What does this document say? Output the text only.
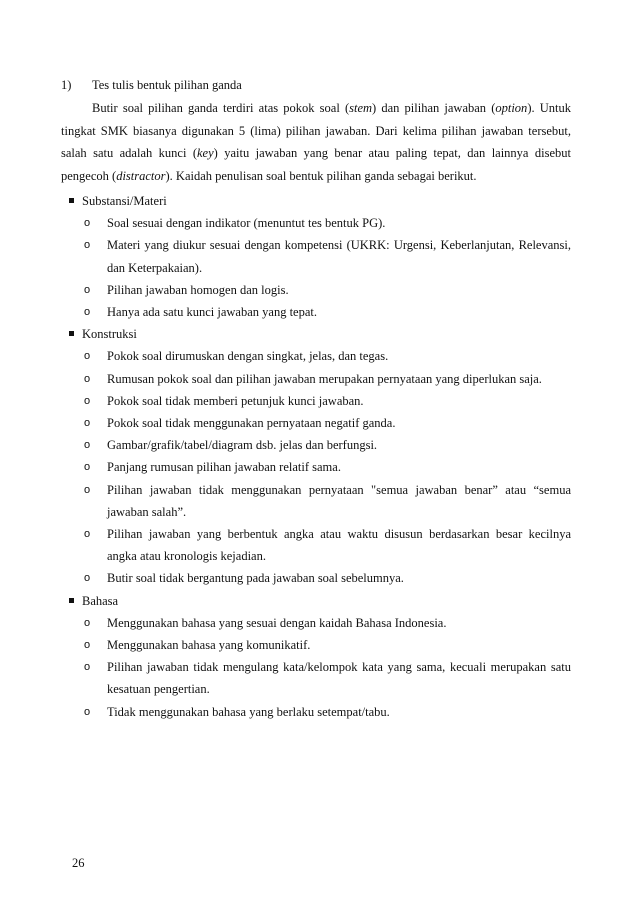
1) Tes tulis bentuk pilihan ganda

Butir soal pilihan ganda terdiri atas pokok soal (stem) dan pilihan jawaban (option). Untuk tingkat SMK biasanya digunakan 5 (lima) pilihan jawaban. Dari kelima pilihan jawaban tersebut, salah satu adalah kunci (key) yaitu jawaban yang benar atau paling tepat, dan lainnya disebut pengecoh (distractor). Kaidah penulisan soal bentuk pilihan ganda sebagai berikut.

Substansi/Materi
o	Soal sesuai dengan indikator (menuntut tes bentuk PG).
o	Materi yang diukur sesuai dengan kompetensi (UKRK: Urgensi, Keberlanjutan, Relevansi, dan Keterpakaian).
o	Pilihan jawaban homogen dan logis.
o	Hanya ada satu kunci jawaban yang tepat.
Konstruksi
o	Pokok soal dirumuskan dengan singkat, jelas, dan tegas.
o	Rumusan pokok soal dan pilihan jawaban merupakan pernyataan yang diperlukan saja.
o	Pokok soal tidak memberi petunjuk kunci jawaban.
o	Pokok soal tidak menggunakan pernyataan negatif ganda.
o	Gambar/grafik/tabel/diagram dsb. jelas dan berfungsi.
o	Panjang rumusan pilihan jawaban relatif sama.
o	Pilihan jawaban tidak menggunakan pernyataan "semua jawaban benar” atau “semua jawaban salah”.
o	Pilihan jawaban yang berbentuk angka atau waktu disusun berdasarkan besar kecilnya angka atau kronologis kejadian.
o	Butir soal tidak bergantung pada jawaban soal sebelumnya.
Bahasa
o	Menggunakan bahasa yang sesuai dengan kaidah Bahasa Indonesia.
o	Menggunakan bahasa yang komunikatif.
o	Pilihan jawaban tidak mengulang kata/kelompok kata yang sama, kecuali merupakan satu kesatuan pengertian.
o	Tidak menggunakan bahasa yang berlaku setempat/tabu.
26
